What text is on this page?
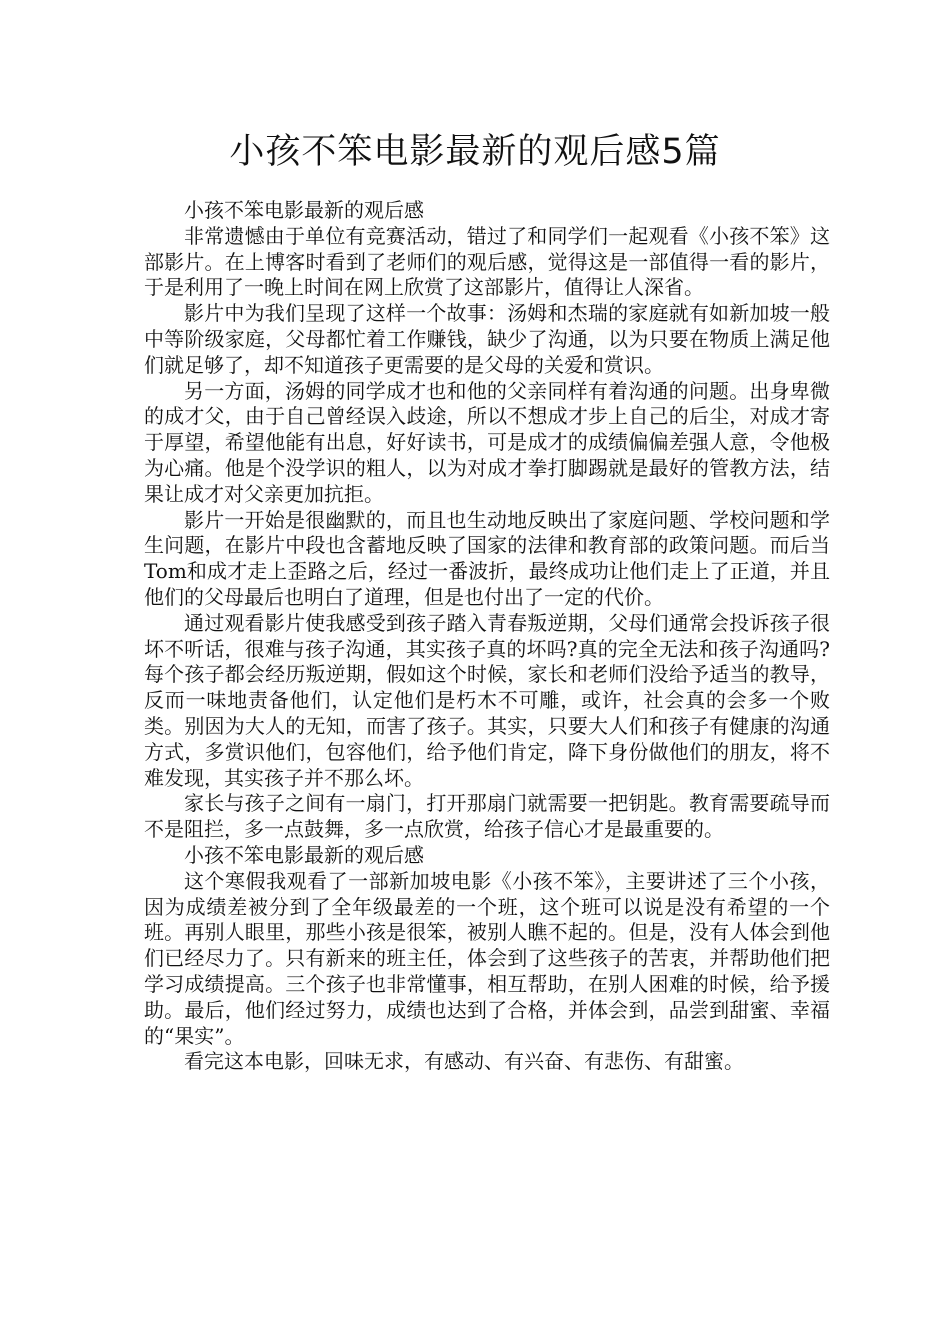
小孩不笨电影最新的观后感5篇

小孩不笨电影最新的观后感

非常遗憾由于单位有竞赛活动，错过了和同学们一起观看《小孩不笨》这部影片。在上博客时看到了老师们的观后感，觉得这是一部值得一看的影片，于是利用了一晚上时间在网上欣赏了这部影片，值得让人深省。

影片中为我们呈现了这样一个故事：汤姆和杰瑞的家庭就有如新加坡一般中等阶级家庭，父母都忙着工作赚钱，缺少了沟通，以为只要在物质上满足他们就足够了，却不知道孩子更需要的是父母的关爱和赏识。

另一方面，汤姆的同学成才也和他的父亲同样有着沟通的问题。出身卑微的成才父，由于自己曾经误入歧途，所以不想成才步上自己的后尘，对成才寄于厚望，希望他能有出息，好好读书，可是成才的成绩偏偏差强人意，令他极为心痛。他是个没学识的粗人，以为对成才拳打脚踢就是最好的管教方法，结果让成才对父亲更加抗拒。

影片一开始是很幽默的，而且也生动地反映出了家庭问题、学校问题和学生问题，在影片中段也含蓄地反映了国家的法律和教育部的政策问题。而后当Tom和成才走上歪路之后，经过一番波折，最终成功让他们走上了正道，并且他们的父母最后也明白了道理，但是也付出了一定的代价。

通过观看影片使我感受到孩子踏入青春叛逆期，父母们通常会投诉孩子很坏不听话，很难与孩子沟通，其实孩子真的坏吗?真的完全无法和孩子沟通吗?每个孩子都会经历叛逆期，假如这个时候，家长和老师们没给予适当的教导，反而一味地责备他们，认定他们是朽木不可雕，或许，社会真的会多一个败类。别因为大人的无知，而害了孩子。其实，只要大人们和孩子有健康的沟通方式，多赏识他们，包容他们，给予他们肯定，降下身份做他们的朋友，将不难发现，其实孩子并不那么坏。

家长与孩子之间有一扇门，打开那扇门就需要一把钥匙。教育需要疏导而不是阻拦，多一点鼓舞，多一点欣赏，给孩子信心才是最重要的。

小孩不笨电影最新的观后感

这个寒假我观看了一部新加坡电影《小孩不笨》，主要讲述了三个小孩，因为成绩差被分到了全年级最差的一个班，这个班可以说是没有希望的一个班。再别人眼里，那些小孩是很笨，被别人瞧不起的。但是，没有人体会到他们已经尽力了。只有新来的班主任，体会到了这些孩子的苦衷，并帮助他们把学习成绩提高。三个孩子也非常懂事，相互帮助，在别人困难的时候，给予援助。最后，他们经过努力，成绩也达到了合格，并体会到，品尝到甜蜜、幸福的“果实”。

看完这本电影，回味无求，有感动、有兴奋、有悲伤、有甜蜜。
